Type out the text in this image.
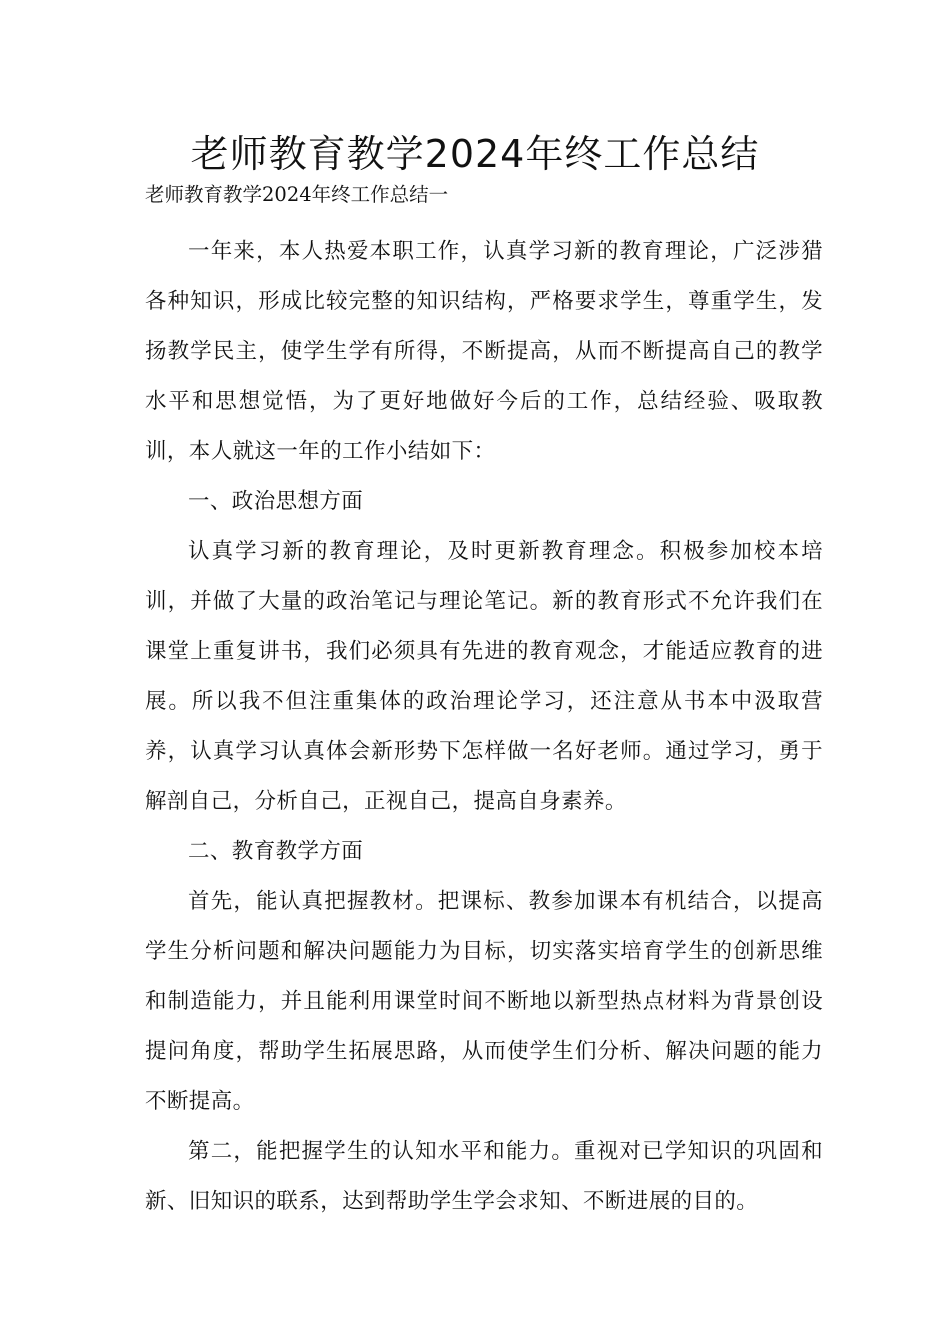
老师教育教学2024年终工作总结

老师教育教学2024年终工作总结一

一年来，本人热爱本职工作，认真学习新的教育理论，广泛涉猎各种知识，形成比较完整的知识结构，严格要求学生，尊重学生，发扬教学民主，使学生学有所得，不断提高，从而不断提高自己的教学水平和思想觉悟，为了更好地做好今后的工作，总结经验、吸取教训，本人就这一年的工作小结如下：

一、政治思想方面

认真学习新的教育理论，及时更新教育理念。积极参加校本培训，并做了大量的政治笔记与理论笔记。新的教育形式不允许我们在课堂上重复讲书，我们必须具有先进的教育观念，才能适应教育的进展。所以我不但注重集体的政治理论学习，还注意从书本中汲取营养，认真学习认真体会新形势下怎样做一名好老师。通过学习，勇于解剖自己，分析自己，正视自己，提高自身素养。

二、教育教学方面

首先，能认真把握教材。把课标、教参加课本有机结合，以提高学生分析问题和解决问题能力为目标，切实落实培育学生的创新思维和制造能力，并且能利用课堂时间不断地以新型热点材料为背景创设提问角度，帮助学生拓展思路，从而使学生们分析、解决问题的能力不断提高。

第二，能把握学生的认知水平和能力。重视对已学知识的巩固和新、旧知识的联系，达到帮助学生学会求知、不断进展的目的。
